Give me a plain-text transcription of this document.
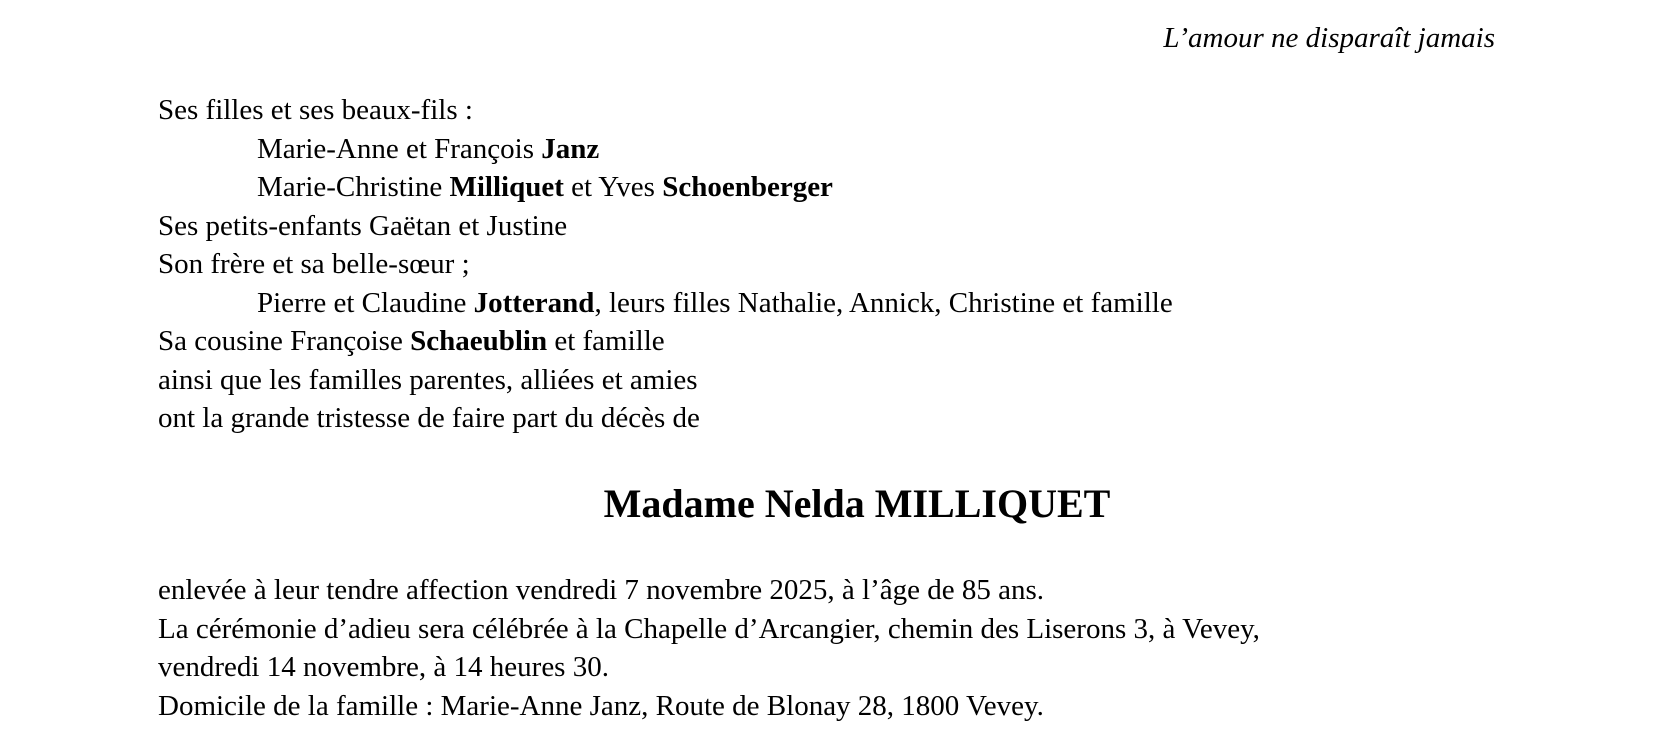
L’amour ne disparaît jamais
Ses filles et ses beaux-fils :
Marie-Anne et François Janz
Marie-Christine Milliquet et Yves Schoenberger
Ses petits-enfants Gaëtan et Justine
Son frère et sa belle-sœur ;
Pierre et Claudine Jotterand, leurs filles Nathalie, Annick, Christine et famille
Sa cousine Françoise Schaeublin et famille
ainsi que les familles parentes, alliées et amies
ont la grande tristesse de faire part du décès de
Madame Nelda MILLIQUET
enlevée à leur tendre affection vendredi 7 novembre 2025, à l’âge de 85 ans.
La cérémonie d’adieu sera célébrée à la Chapelle d’Arcangier, chemin des Liserons 3, à Vevey,
vendredi 14 novembre, à 14 heures 30.
Domicile de la famille : Marie-Anne Janz, Route de Blonay 28, 1800 Vevey.
